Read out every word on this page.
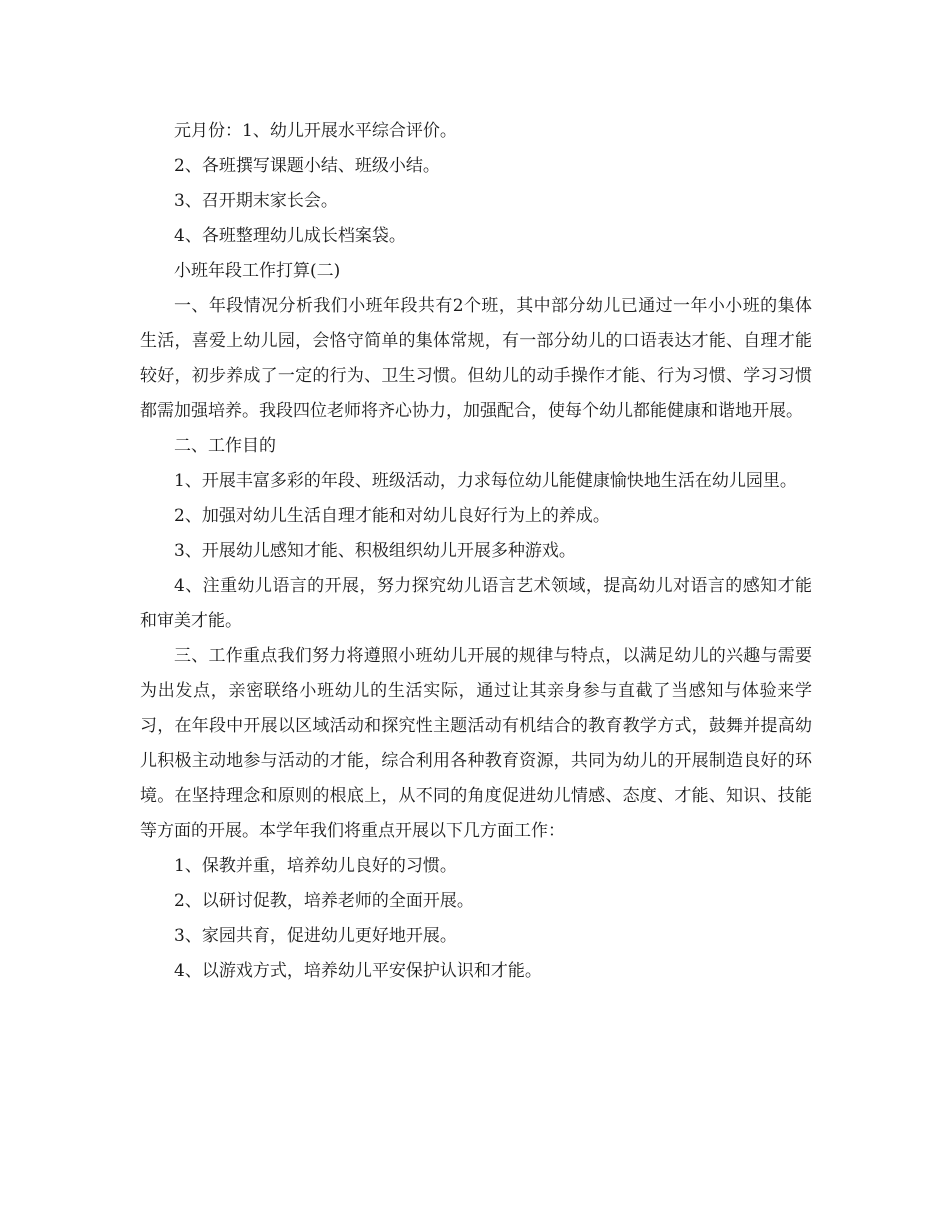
元月份：1、幼儿开展水平综合评价。

2、各班撰写课题小结、班级小结。

3、召开期末家长会。

4、各班整理幼儿成长档案袋。

小班年段工作打算(二)

一、年段情况分析我们小班年段共有2个班，其中部分幼儿已通过一年小小班的集体生活，喜爱上幼儿园，会恪守简单的集体常规，有一部分幼儿的口语表达才能、自理才能较好，初步养成了一定的行为、卫生习惯。但幼儿的动手操作才能、行为习惯、学习习惯都需加强培养。我段四位老师将齐心协力，加强配合，使每个幼儿都能健康和谐地开展。

二、工作目的

1、开展丰富多彩的年段、班级活动，力求每位幼儿能健康愉快地生活在幼儿园里。

2、加强对幼儿生活自理才能和对幼儿良好行为上的养成。

3、开展幼儿感知才能、积极组织幼儿开展多种游戏。

4、注重幼儿语言的开展，努力探究幼儿语言艺术领域，提高幼儿对语言的感知才能和审美才能。

三、工作重点我们努力将遵照小班幼儿开展的规律与特点，以满足幼儿的兴趣与需要为出发点，亲密联络小班幼儿的生活实际，通过让其亲身参与直截了当感知与体验来学习，在年段中开展以区域活动和探究性主题活动有机结合的教育教学方式，鼓舞并提高幼儿积极主动地参与活动的才能，综合利用各种教育资源，共同为幼儿的开展制造良好的环境。在坚持理念和原则的根底上，从不同的角度促进幼儿情感、态度、才能、知识、技能等方面的开展。本学年我们将重点开展以下几方面工作：

1、保教并重，培养幼儿良好的习惯。

2、以研讨促教，培养老师的全面开展。

3、家园共育，促进幼儿更好地开展。

4、以游戏方式，培养幼儿平安保护认识和才能。
